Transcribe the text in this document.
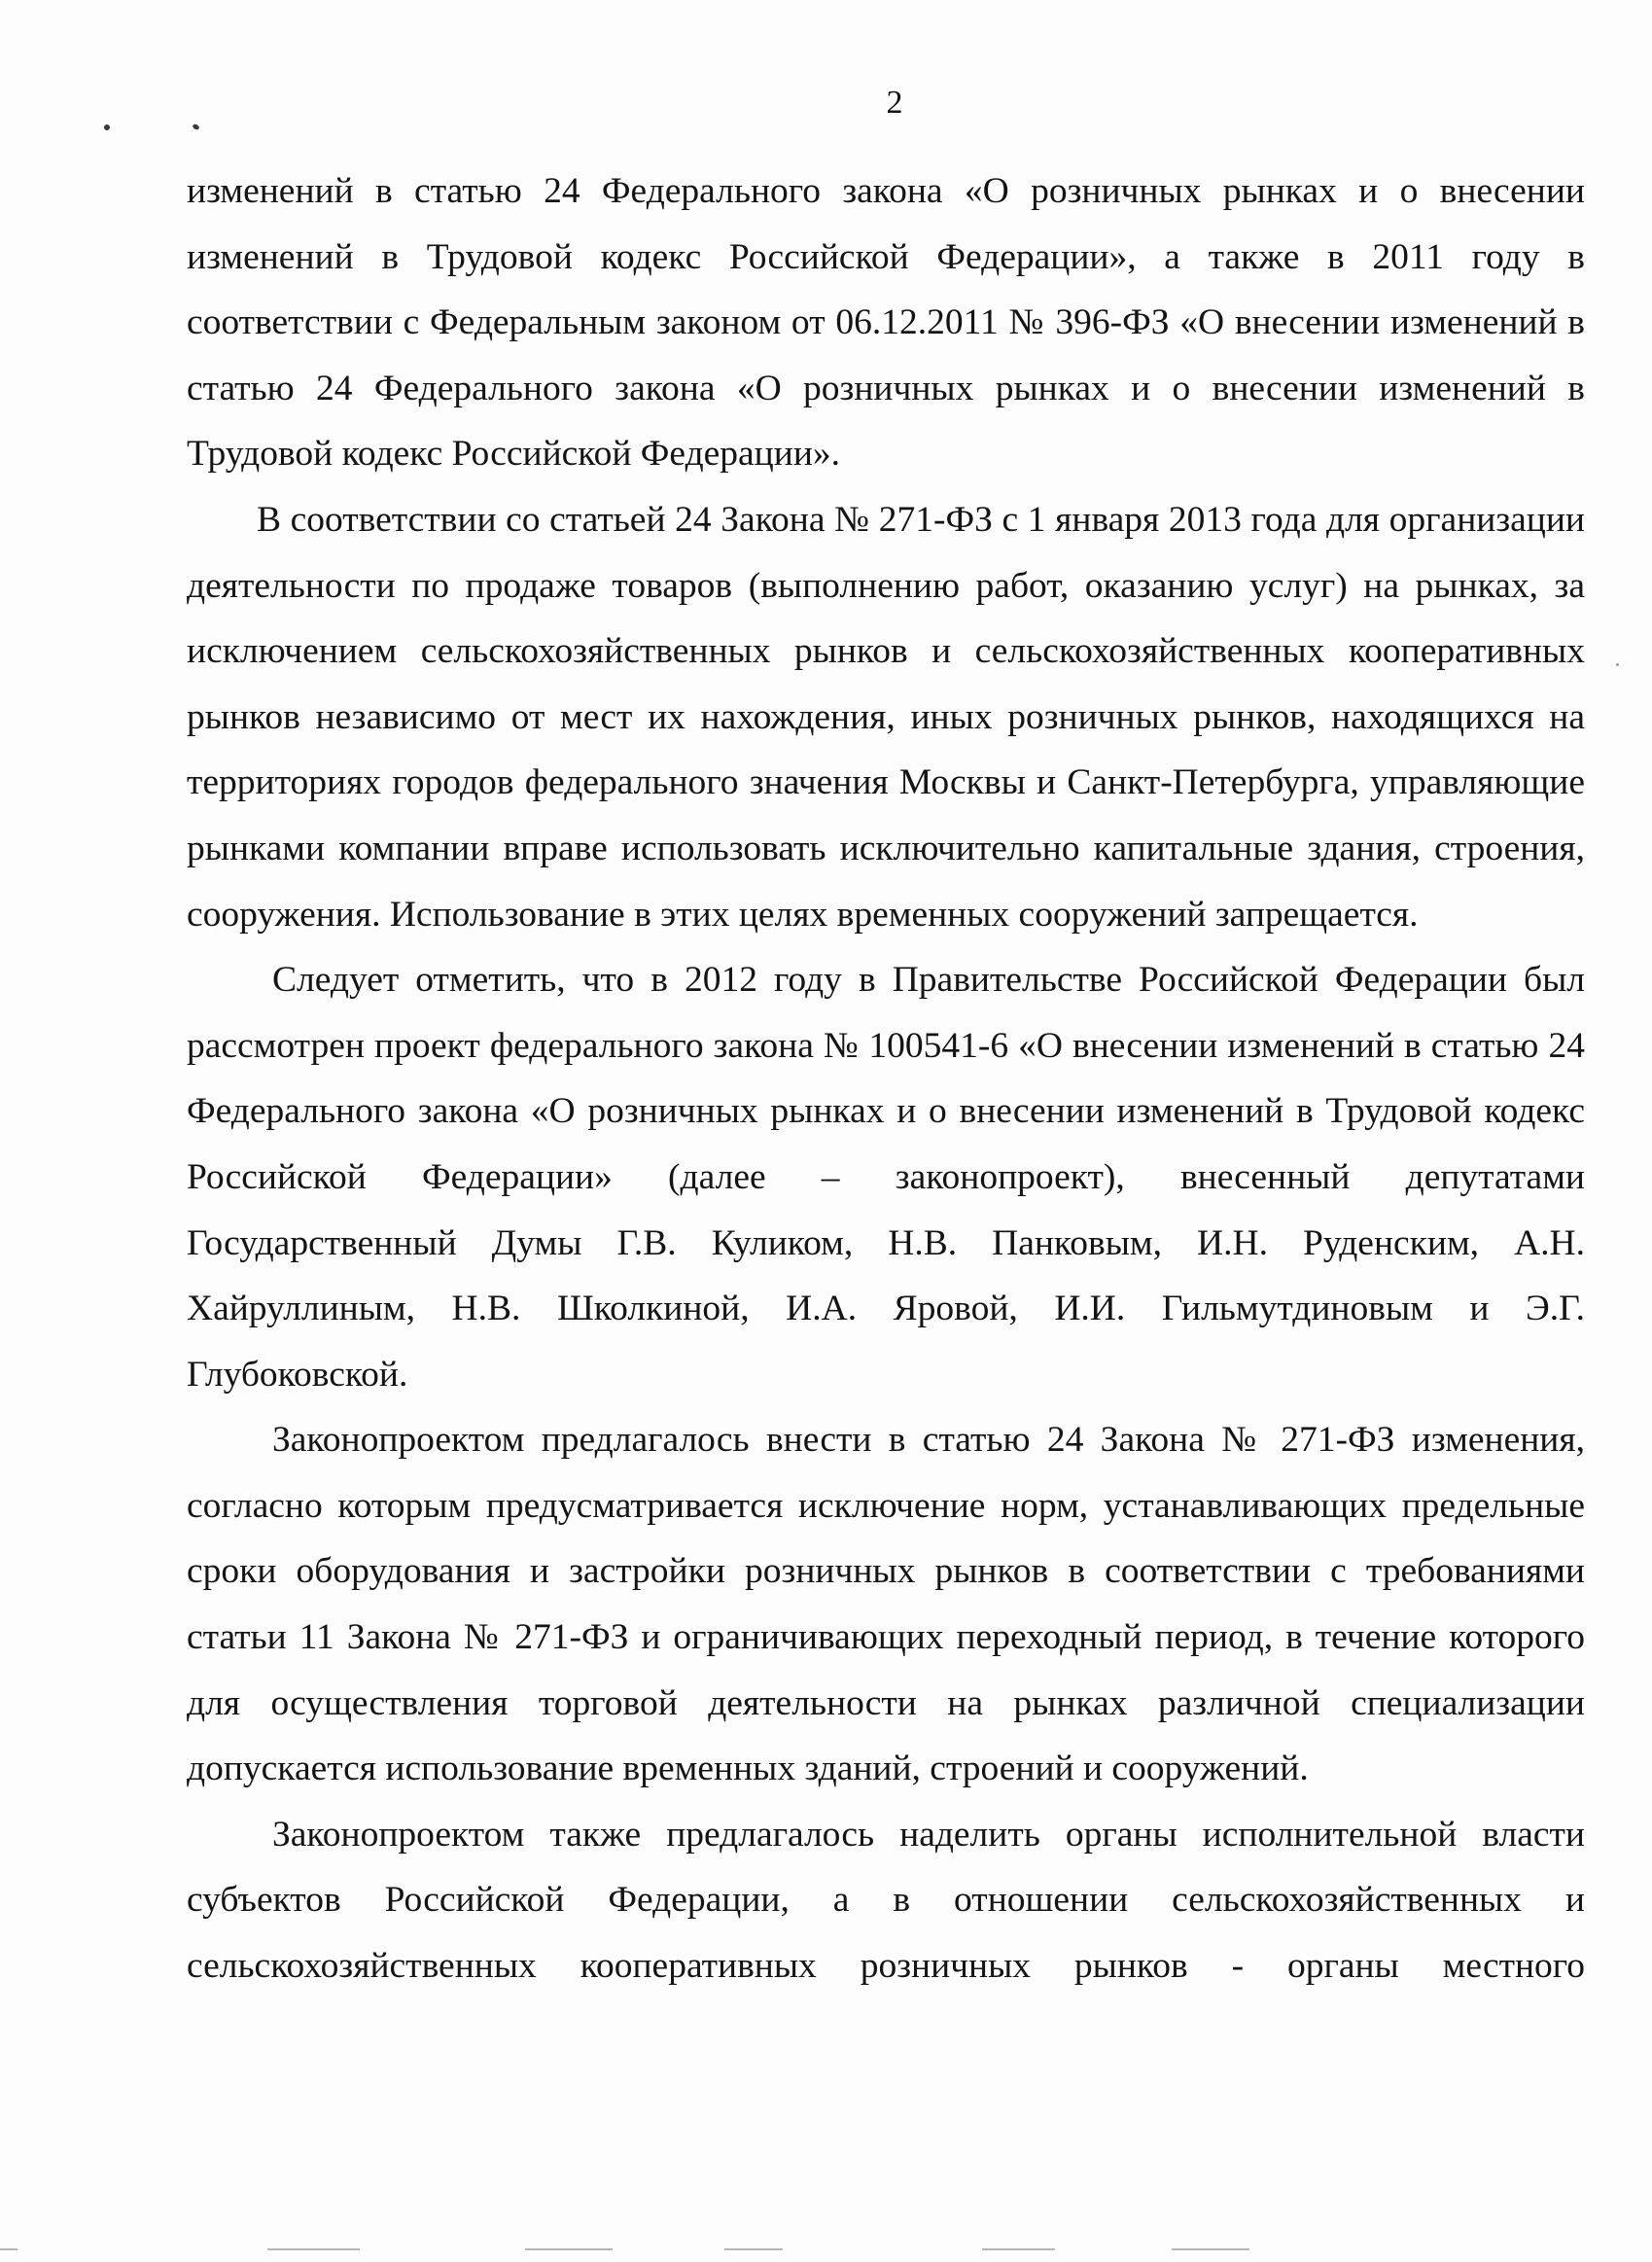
2

изменений в статью 24 Федерального закона «О розничных рынках и о внесении изменений в Трудовой кодекс Российской Федерации», а также в 2011 году в соответствии с Федеральным законом от 06.12.2011 № 396-ФЗ «О внесении изменений в статью 24 Федерального закона «О розничных рынках и о внесении изменений в Трудовой кодекс Российской Федерации».

В соответствии со статьей 24 Закона № 271-ФЗ с 1 января 2013 года для организации деятельности по продаже товаров (выполнению работ, оказанию услуг) на рынках, за исключением сельскохозяйственных рынков и сельскохозяйственных кооперативных рынков независимо от мест их нахождения, иных розничных рынков, находящихся на территориях городов федерального значения Москвы и Санкт-Петербурга, управляющие рынками компании вправе использовать исключительно капитальные здания, строения, сооружения. Использование в этих целях временных сооружений запрещается.

Следует отметить, что в 2012 году в Правительстве Российской Федерации был рассмотрен проект федерального закона № 100541-6 «О внесении изменений в статью 24 Федерального закона «О розничных рынках и о внесении изменений в Трудовой кодекс Российской Федерации» (далее – законопроект), внесенный депутатами Государственный Думы Г.В. Куликом, Н.В. Панковым, И.Н. Руденским, А.Н. Хайруллиным, Н.В. Школкиной, И.А. Яровой, И.И. Гильмутдиновым и Э.Г. Глубоковской.

Законопроектом предлагалось внести в статью 24 Закона № 271-ФЗ изменения, согласно которым предусматривается исключение норм, устанавливающих предельные сроки оборудования и застройки розничных рынков в соответствии с требованиями статьи 11 Закона № 271-ФЗ и ограничивающих переходный период, в течение которого для осуществления торговой деятельности на рынках различной специализации допускается использование временных зданий, строений и сооружений.

Законопроектом также предлагалось наделить органы исполнительной власти субъектов Российской Федерации, а в отношении сельскохозяйственных и сельскохозяйственных кооперативных розничных рынков - органы местного
